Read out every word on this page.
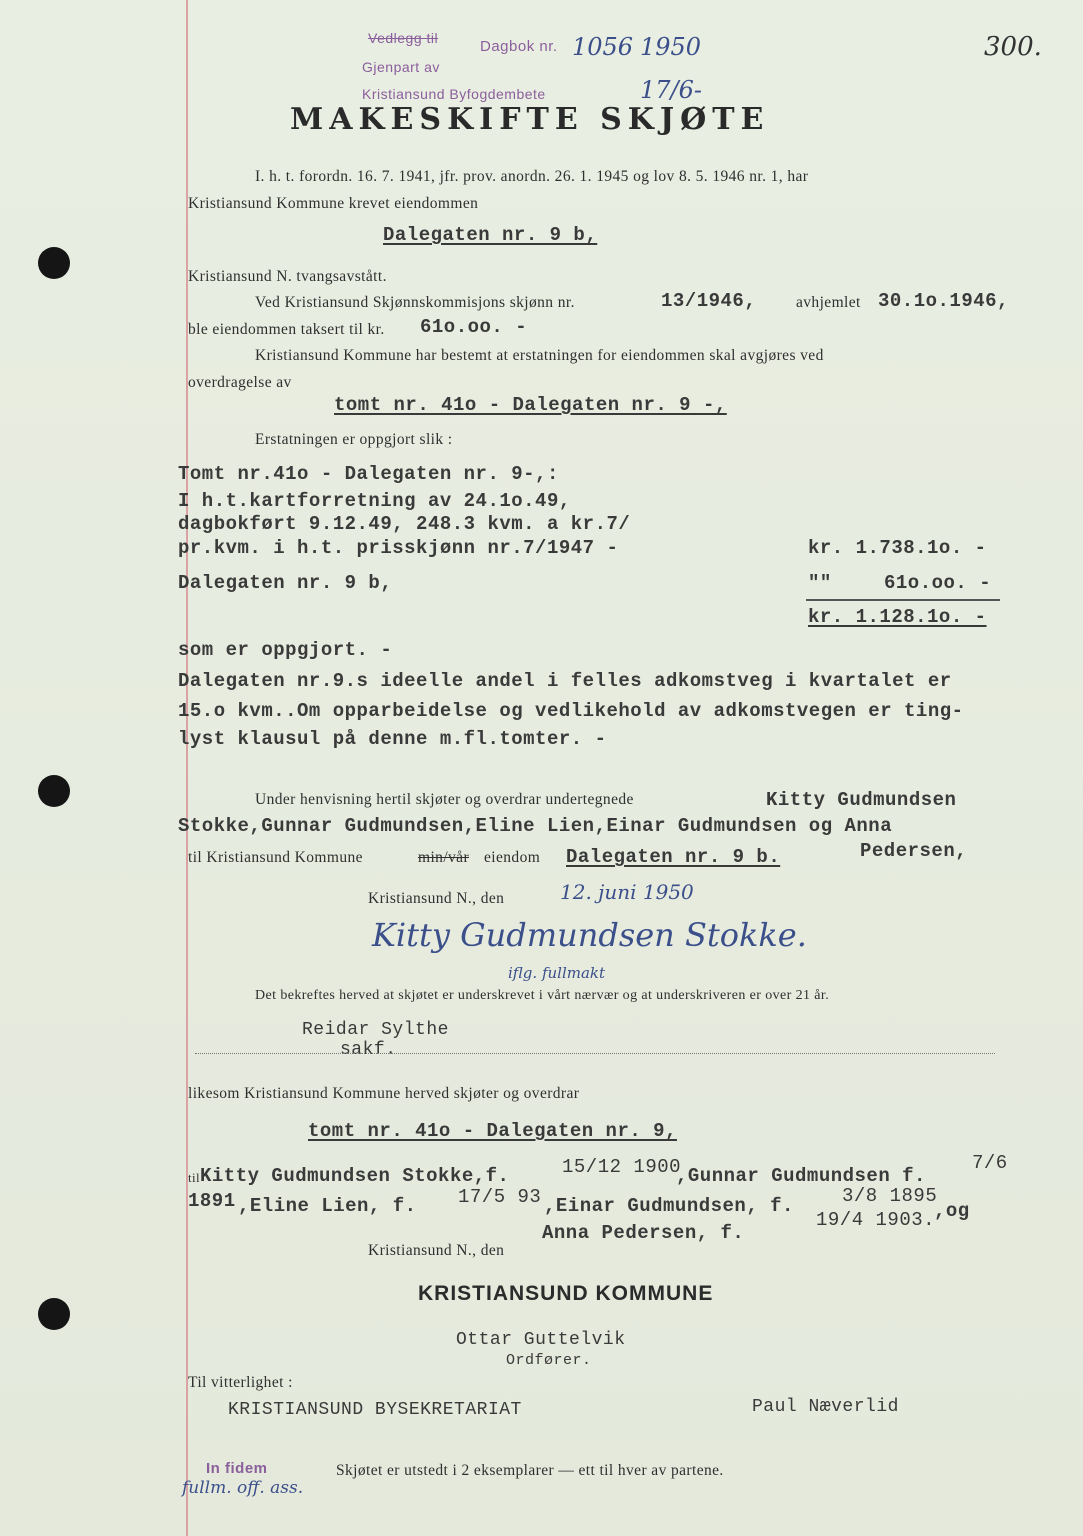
Vedlegg til
Gjenpart av
Kristiansund Byfogdembete
Dagbok nr. 1056 1950
17/6-
300.
MAKESKIFTE SKJØTE
I. h. t. forordn. 16. 7. 1941, jfr. prov. anordn. 26. 1. 1945 og lov 8. 5. 1946 nr. 1, har
Kristiansund Kommune krevet eiendommen
Dalegaten nr. 9 b,
Kristiansund N. tvangsavstått.
Ved Kristiansund Skjønnskommisjons skjønn nr.	13/1946,	avhjemlet 30.1o.1946,
ble eiendommen taksert til kr. 61o.oo. -
Kristiansund Kommune har bestemt at erstatningen for eiendommen skal avgjøres ved
overdragelse av
tomt nr. 41o - Dalegaten nr. 9 -,
Erstatningen er oppgjort slik :
Tomt nr.41o - Dalegaten nr. 9-,:
I h.t.kartforretning av 24.1o.49,
dagbokført 9.12.49, 248.3 kvm. a kr.7/
pr.kvm. i h.t. prisskjønn nr.7/1947 -	kr. 1.738.1o. -
Dalegaten nr. 9 b,	""	61o.oo. -
kr. 1.128.1o. -
som er oppgjort. -
Dalegaten nr.9.s ideelle andel i felles adkomstveg i kvartalet er
15.o kvm..Om opparbeidelse og vedlikehold av adkomstvegen er ting-
lyst klausul på denne m.fl.tomter. -
Under henvisning hertil skjøter og overdrar undertegnede	Kitty Gudmundsen
Stokke,Gunnar Gudmundsen,Eline Lien,Einar Gudmundsen og Anna
Pedersen,
til Kristiansund Kommune	min/vår eiendom Dalegaten nr. 9 b.
Kristiansund N., den	12. juni 1950
Kitty Gudmundsen Stokke.
iflg. fullmakt
Det bekreftes herved at skjøtet er underskrevet i vårt nærvær og at underskriveren er over 21 år.
Reidar Sylthe
sakf.
likesom Kristiansund Kommune herved skjøter og overdrar
tomt nr. 41o - Dalegaten nr. 9,
til Kitty Gudmundsen Stokke,f.	15/12 1900
,Gunnar Gudmundsen f.
7/6
1891 ,Eline Lien, f. 17/5 93 ,Einar Gudmundsen, f.	3/8 1895
,og
Anna Pedersen, f.
19/4 1903.
Kristiansund N., den
KRISTIANSUND KOMMUNE
Ottar Guttelvik
Ordfører.
Til vitterlighet :
KRISTIANSUND BYSEKRETARIAT	Paul Næverlid
In fidem
fullm. off. ass.
Skjøtet er utstedt i 2 eksemplarer — ett til hver av partene.
